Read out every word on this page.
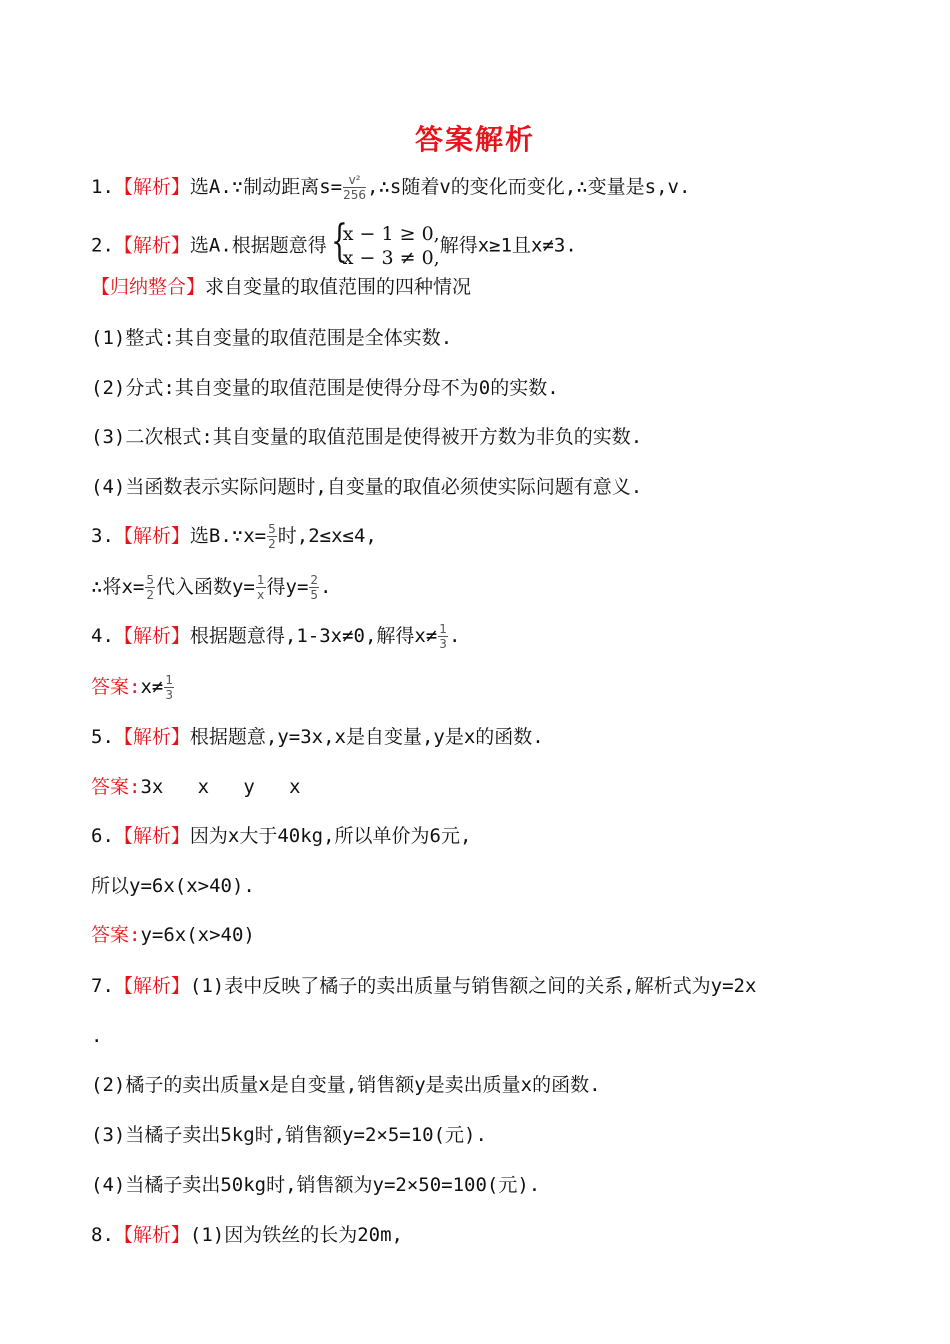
答案解析
1.【解析】选A.∵制动距离$s= \frac{\text{v²}}{256}$ ,∴s随着v的变化而变化,∴变量是s,v.
2.【解析】选A.根据题意得 {
x − 1 ≥ 0,
x − 3 ≠ 0,
解得x≥1且x≠3.
【归纳整合】求自变量的取值范围的四种情况
(1)整式:其自变量的取值范围是全体实数.
(2)分式:其自变量的取值范围是使得分母不为0的实数.
(3)二次根式:其自变量的取值范围是使得被开方数为非负的实数.
(4)当函数表示实际问题时,自变量的取值必须使实际问题有意义.
3.【解析】选B.∵x= $\frac{5}{2}$ 时,2≤x≤4,
∴将$x= \frac{5}{2}$ 代入函数$y= \frac{1}{x}$ 得$y= \frac{2}{5}$ .
4.【解析】根据题意得,1-3x≠0,解得$x\ne \frac{1}{3}$ .
答案:x≠ $\frac{1}{3}$
5.【解析】根据题意,y=3x,x是自变量,y是x的函数.
答案:3x   x   y   x
6.【解析】因为x大于40kg,所以单价为6元,
所以y=6x(x>40).
答案:y=6x(x>40)
7.【解析】(1)表中反映了橘子的卖出质量与销售额之间的关系,解析式为y=2x
.
(2)橘子的卖出质量x是自变量,销售额y是卖出质量x的函数.
(3)当橘子卖出5kg时,销售额y=2×5=10(元).
(4)当橘子卖出50kg时,销售额为y=2×50=100(元).
8.【解析】(1)因为铁丝的长为20m,
